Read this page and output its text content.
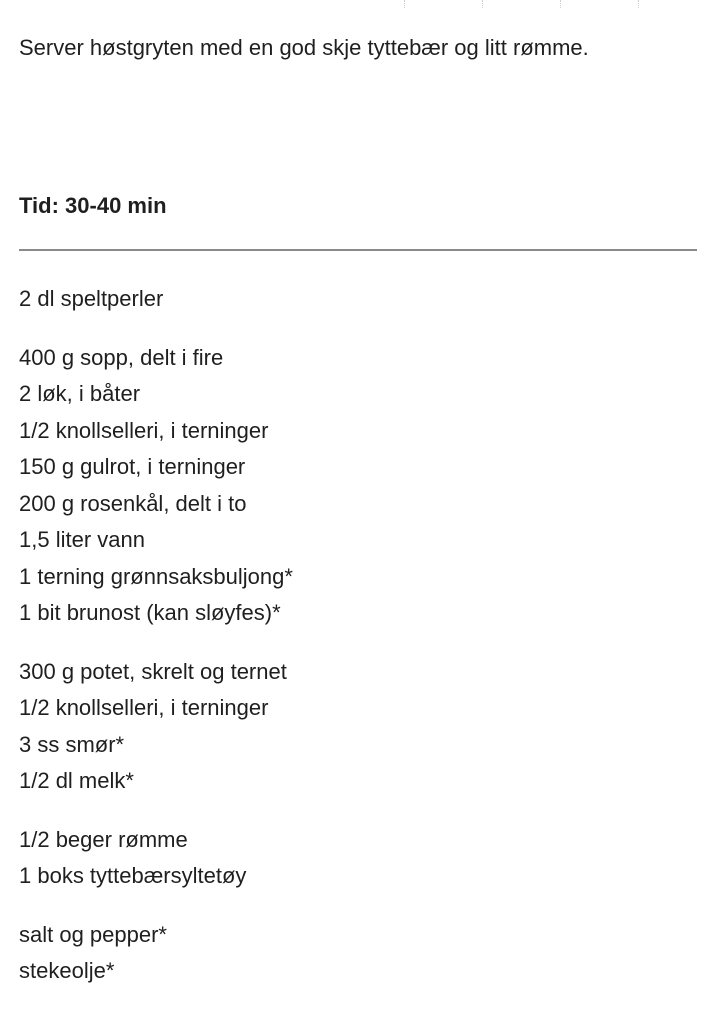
Server høstgryten med en god skje tyttebær og litt rømme.

Tid: 30-40 min

2 dl speltperler
400 g sopp, delt i fire
2 løk, i båter
1/2 knollselleri, i terninger
150 g gulrot, i terninger
200 g rosenkål, delt i to
1,5 liter vann
1 terning grønnsaksbuljong*
1 bit brunost (kan sløyfes)*
300 g potet, skrelt og ternet
1/2 knollselleri, i terninger
3 ss smør*
1/2 dl melk*
1/2 beger rømme
1 boks tyttebærsyltetøy
salt og pepper*
stekeolje*
